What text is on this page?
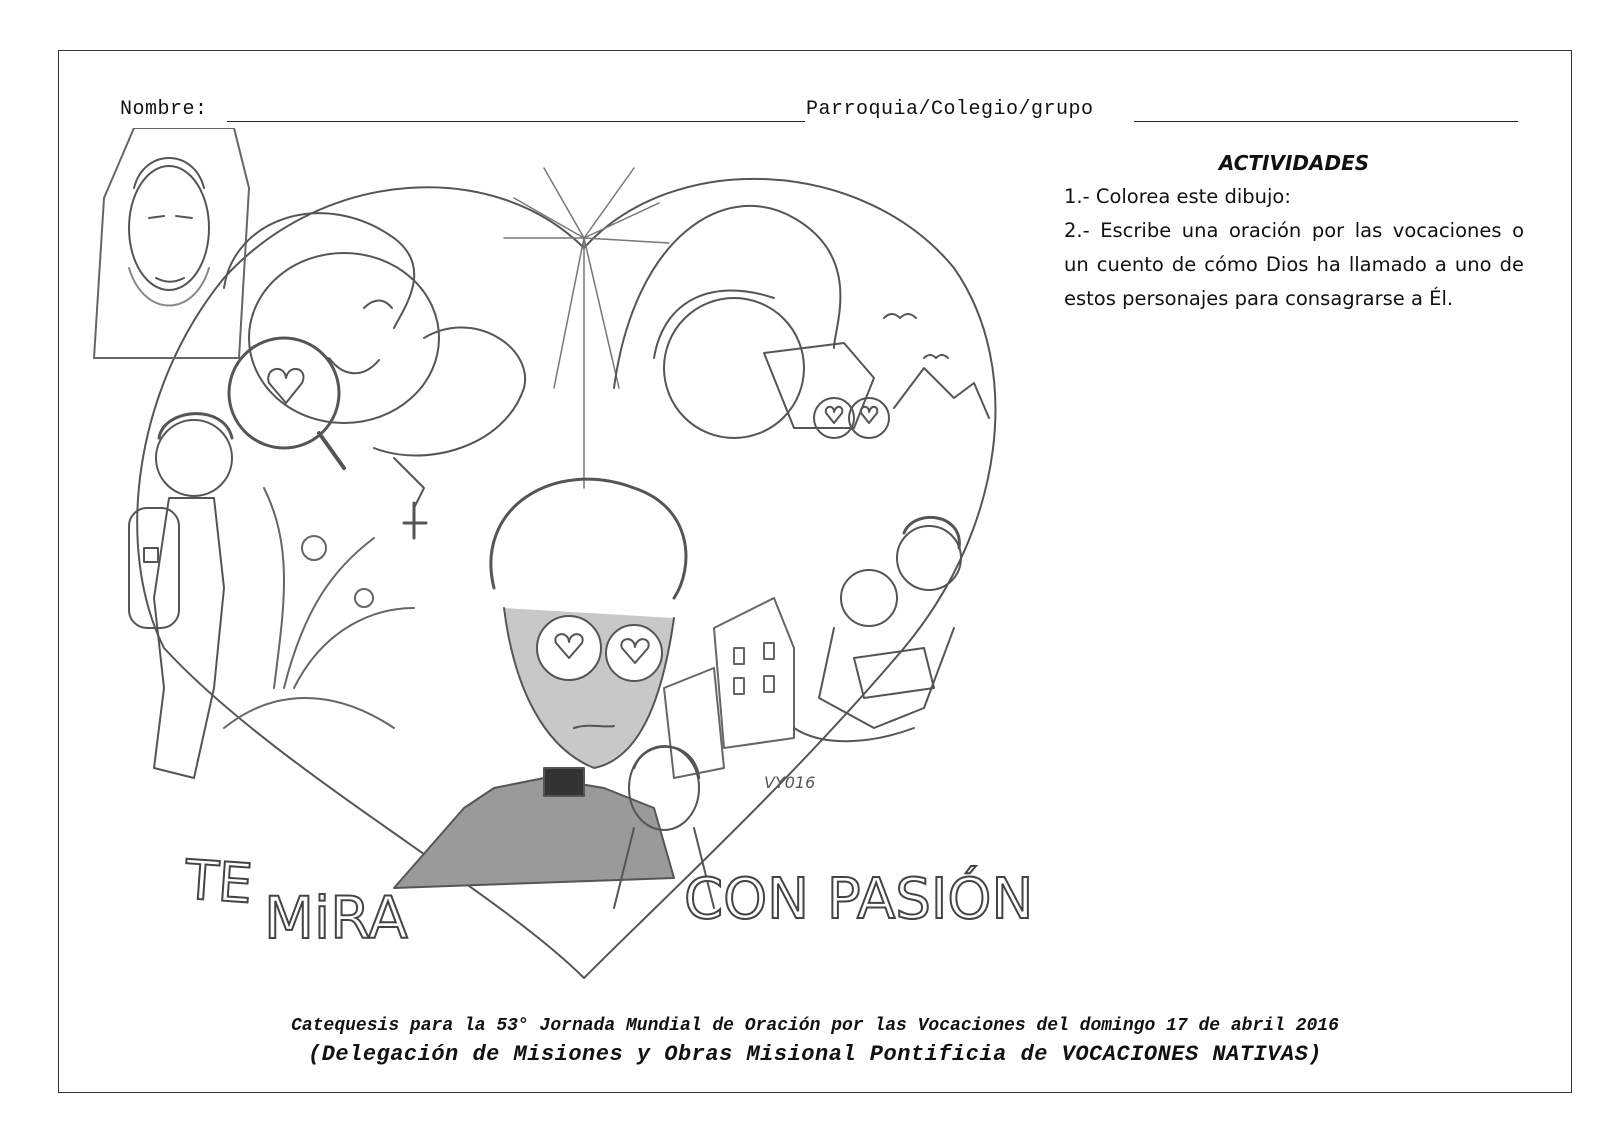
Nombre:	Parroquia/Colegio/grupo
ACTIVIDADES
1.- Colorea este dibujo:
2.- Escribe una oración por las vocaciones o un cuento de cómo Dios ha llamado a uno de estos personajes para consagrarse a Él.
TE
MiRA	CON PASIÓN
VY016
Catequesis para la 53° Jornada Mundial de Oración por las Vocaciones del domingo 17 de abril 2016
(Delegación de Misiones y Obras Misional Pontificia de VOCACIONES NATIVAS)
